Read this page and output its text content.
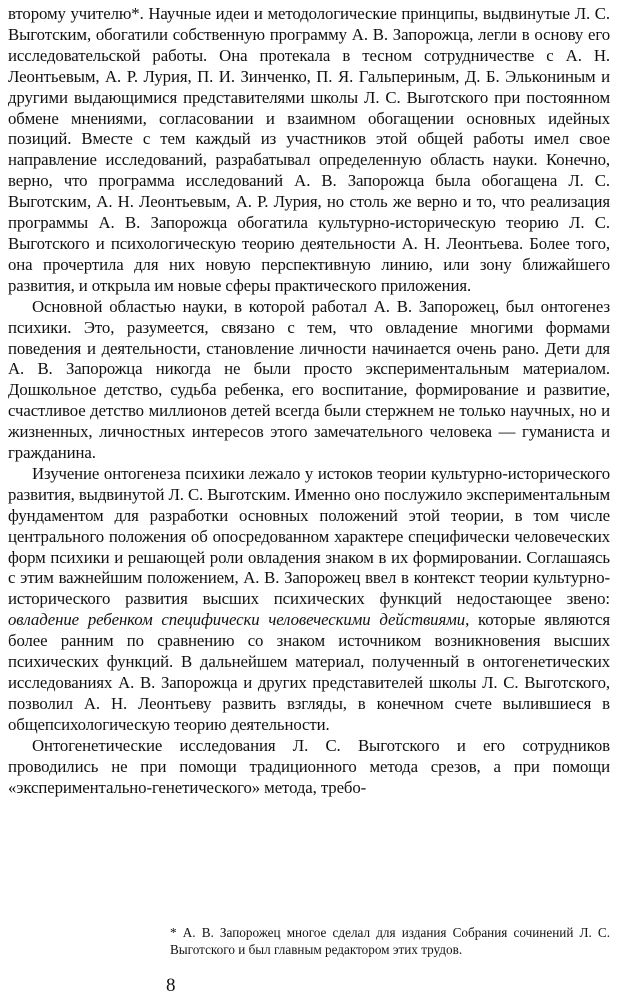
второму учителю*. Научные идеи и методологические принципы, выдвинутые Л. С. Выготским, обогатили собственную программу А. В. Запорожца, легли в основу его исследовательской работы. Она протекала в тесном сотрудничестве с А. Н. Леонтьевым, А. Р. Лурия, П. И. Зинченко, П. Я. Гальпериным, Д. Б. Элькониным и другими выдающимися представителями школы Л. С. Выготского при постоянном обмене мнениями, согласовании и взаимном обогащении основных идейных позиций. Вместе с тем каждый из участников этой общей работы имел свое направление исследований, разрабатывал определенную область науки. Конечно, верно, что программа исследований А. В. Запорожца была обогащена Л. С. Выготским, А. Н. Леонтьевым, А. Р. Лурия, но столь же верно и то, что реализация программы А. В. Запорожца обогатила культурно-историческую теорию Л. С. Выготского и психологическую теорию деятельности А. Н. Леонтьева. Более того, она прочертила для них новую перспективную линию, или зону ближайшего развития, и открыла им новые сферы практического приложения.

Основной областью науки, в которой работал А. В. Запорожец, был онтогенез психики. Это, разумеется, связано с тем, что овладение многими формами поведения и деятельности, становление личности начинается очень рано. Дети для А. В. Запорожца никогда не были просто экспериментальным материалом. Дошкольное детство, судьба ребенка, его воспитание, формирование и развитие, счастливое детство миллионов детей всегда были стержнем не только научных, но и жизненных, личностных интересов этого замечательного человека — гуманиста и гражданина.

Изучение онтогенеза психики лежало у истоков теории культурно-исторического развития, выдвинутой Л. С. Выготским. Именно оно послужило экспериментальным фундаментом для разработки основных положений этой теории, в том числе центрального положения об опосредованном характере специфически человеческих форм психики и решающей роли овладения знаком в их формировании. Соглашаясь с этим важнейшим положением, А. В. Запорожец ввел в контекст теории культурно-исторического развития высших психических функций недостающее звено: овладение ребенком специфически человеческими действиями, которые являются более ранним по сравнению со знаком источником возникновения высших психических функций. В дальнейшем материал, полученный в онтогенетических исследованиях А. В. Запорожца и других представителей школы Л. С. Выготского, позволил А. Н. Леонтьеву развить взгляды, в конечном счете вылившиеся в общепсихологическую теорию деятельности.

Онтогенетические исследования Л. С. Выготского и его сотрудников проводились не при помощи традиционного метода срезов, а при помощи «экспериментально-генетического» метода, требо-

* А. В. Запорожец многое сделал для издания Собрания сочинений Л. С. Выготского и был главным редактором этих трудов.

8
